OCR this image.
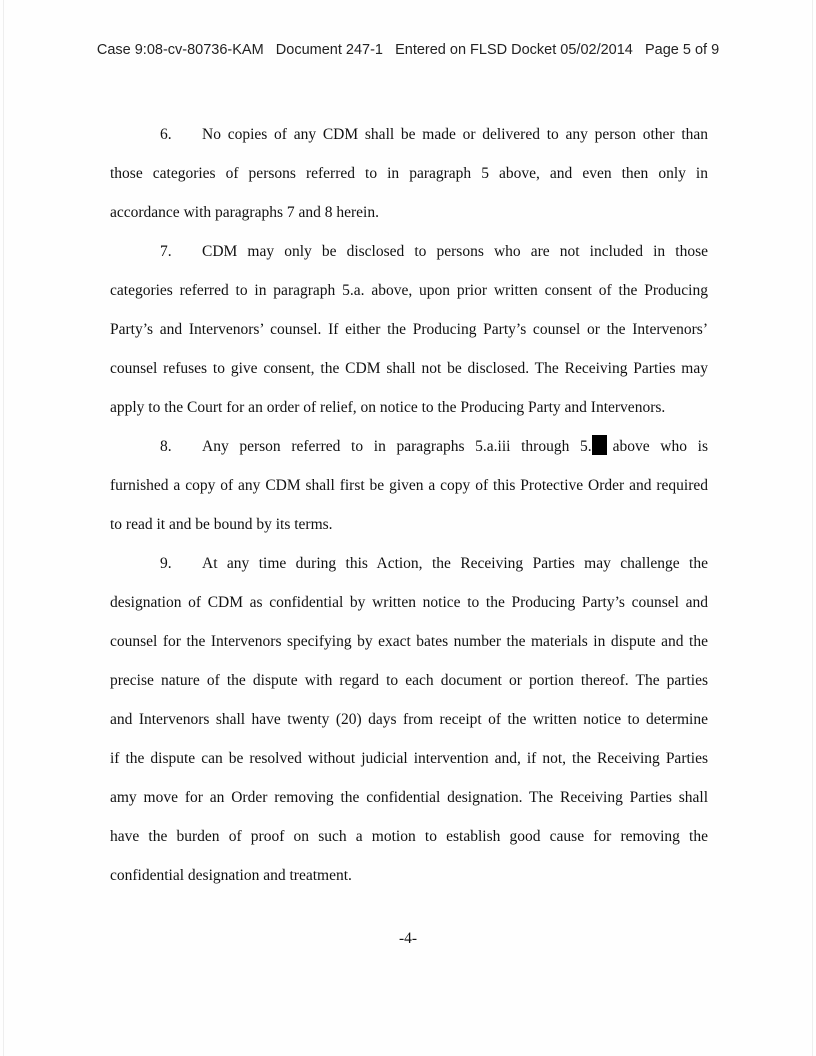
Case 9:08-cv-80736-KAM Document 247-1 Entered on FLSD Docket 05/02/2014 Page 5 of 9
6. No copies of any CDM shall be made or delivered to any person other than
those categories of persons referred to in paragraph 5 above, and even then only in
accordance with paragraphs 7 and 8 herein.
7. CDM may only be disclosed to persons who are not included in those
categories referred to in paragraph 5.a. above, upon prior written consent of the Producing
Party’s and Intervenors’ counsel. If either the Producing Party’s counsel or the Intervenors’
counsel refuses to give consent, the CDM shall not be disclosed. The Receiving Parties may
apply to the Court for an order of relief, on notice to the Producing Party and Intervenors.
8. Any person referred to in paragraphs 5.a.iii through 5. above who is
furnished a copy of any CDM shall first be given a copy of this Protective Order and required
to read it and be bound by its terms.
9. At any time during this Action, the Receiving Parties may challenge the
designation of CDM as confidential by written notice to the Producing Party’s counsel and
counsel for the Intervenors specifying by exact bates number the materials in dispute and the
precise nature of the dispute with regard to each document or portion thereof. The parties
and Intervenors shall have twenty (20) days from receipt of the written notice to determine
if the dispute can be resolved without judicial intervention and, if not, the Receiving Parties
amy move for an Order removing the confidential designation. The Receiving Parties shall
have the burden of proof on such a motion to establish good cause for removing the
confidential designation and treatment.
-4-
